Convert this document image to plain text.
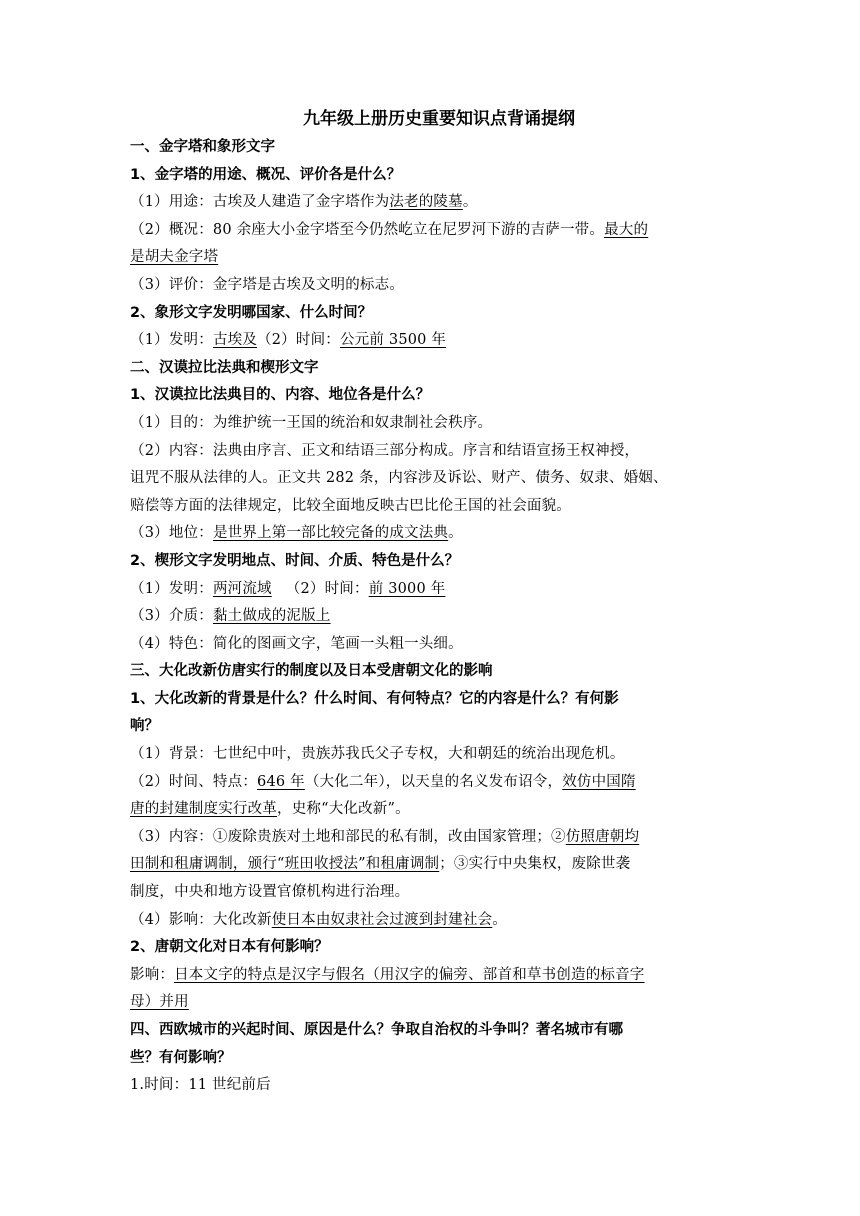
九年级上册历史重要知识点背诵提纲
一、金字塔和象形文字
1、金字塔的用途、概况、评价各是什么？
（1）用途：古埃及人建造了金字塔作为法老的陵墓。
（2）概况：80 余座大小金字塔至今仍然屹立在尼罗河下游的吉萨一带。最大的
是胡夫金字塔
（3）评价：金字塔是古埃及文明的标志。
2、象形文字发明哪国家、什么时间？
（1）发明：古埃及（2）时间：公元前 3500 年
二、汉谟拉比法典和楔形文字
1、汉谟拉比法典目的、内容、地位各是什么？
（1）目的：为维护统一王国的统治和奴隶制社会秩序。
（2）内容：法典由序言、正文和结语三部分构成。序言和结语宣扬王权神授，
诅咒不服从法律的人。正文共 282 条，内容涉及诉讼、财产、债务、奴隶、婚姻、
赔偿等方面的法律规定，比较全面地反映古巴比伦王国的社会面貌。
（3）地位：是世界上第一部比较完备的成文法典。
2、楔形文字发明地点、时间、介质、特色是什么？
（1）发明：两河流域 （2）时间：前 3000 年
（3）介质：黏土做成的泥版上
（4）特色：简化的图画文字，笔画一头粗一头细。
三、大化改新仿唐实行的制度以及日本受唐朝文化的影响
1、大化改新的背景是什么？什么时间、有何特点？它的内容是什么？有何影
响？
（1）背景：七世纪中叶，贵族苏我氏父子专权，大和朝廷的统治出现危机。
（2）时间、特点：646 年（大化二年），以天皇的名义发布诏令，效仿中国隋
唐的封建制度实行改革，史称“大化改新”。
（3）内容：①废除贵族对土地和部民的私有制，改由国家管理；②仿照唐朝均
田制和租庸调制，颁行“班田收授法”和租庸调制；③实行中央集权，废除世袭
制度，中央和地方设置官僚机构进行治理。
（4）影响：大化改新使日本由奴隶社会过渡到封建社会。
2、唐朝文化对日本有何影响？
影响：日本文字的特点是汉字与假名（用汉字的偏旁、部首和草书创造的标音字
母）并用
四、西欧城市的兴起时间、原因是什么？争取自治权的斗争叫？著名城市有哪
些？有何影响？
1.时间：11 世纪前后
